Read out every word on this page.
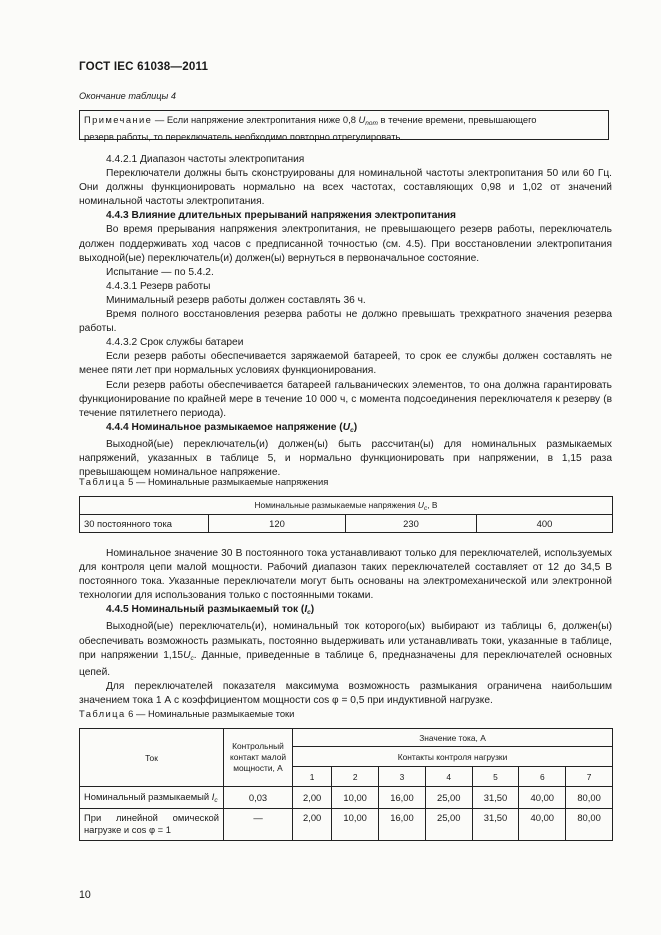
ГОСТ IEC 61038—2011
Окончание таблицы 4
Примечание — Если напряжение электропитания ниже 0,8 $U_{nom}$ в течение времени, превышающего
резерв работы, то переключатель необходимо повторно отрегулировать.

4.4.2.1 Диапазон частоты электропитания

Переключатели должны быть сконструированы для номинальной частоты электропитания 50 или 60 Гц. Они должны функционировать нормально на всех частотах, составляющих 0,98 и 1,02 от значений номинальной частоты электропитания.

4.4.3 Влияние длительных прерываний напряжения электропитания

Во время прерывания напряжения электропитания, не превышающего резерв работы, переключатель должен поддерживать ход часов с предписанной точностью (см. 4.5). При восстановлении электропитания выходной(ые) переключатель(и) должен(ы) вернуться в первоначальное состояние.

Испытание — по 5.4.2.

4.4.3.1 Резерв работы

Минимальный резерв работы должен составлять 36 ч.

Время полного восстановления резерва работы не должно превышать трехкратного значения резерва работы.

4.4.3.2 Срок службы батареи

Если резерв работы обеспечивается заряжаемой батареей, то срок ее службы должен составлять не менее пяти лет при нормальных условиях функционирования.

Если резерв работы обеспечивается батареей гальванических элементов, то она должна гарантировать функционирование по крайней мере в течение 10 000 ч, с момента подсоединения переключателя к резерву (в течение пятилетнего периода).

4.4.4 Номинальное размыкаемое напряжение $(U_c)$

Выходной(ые) переключатель(и) должен(ы) быть рассчитан(ы) для номинальных размыкаемых напряжений, указанных в таблице 5, и нормально функционировать при напряжении, в 1,15 раза превышающем номинальное напряжение.

Таблица 5 — Номинальные размыкаемые напряжения
Номинальные размыкаемые напряжения $U_c$, В
30 постоянного тока	120	230	400

Номинальное значение 30 В постоянного тока устанавливают только для переключателей, используемых для контроля цепи малой мощности. Рабочий диапазон таких переключателей составляет от 12 до 34,5 В постоянного тока. Указанные переключатели могут быть основаны на электромеханической или электронной технологии для использования только с постоянными токами.

4.4.5 Номинальный размыкаемый ток $(I_c)$

Выходной(ые) переключатель(и), номинальный ток которого(ых) выбирают из таблицы 6, должен(ы) обеспечивать возможность размыкать, постоянно выдерживать или устанавливать токи, указанные в таблице, при напряжении $1,15U_c$. Данные, приведенные в таблице 6, предназначены для переключателей основных цепей.

Для переключателей показателя максимума возможность размыкания ограничена наибольшим значением тока 1 А с коэффициентом мощности cos φ = 0,5 при индуктивной нагрузке.

Таблица 6 — Номинальные размыкаемые токи
Ток	Контрольный контакт малой мощности, А	Значение тока, А						
		Контакты контроля нагрузки						
		1	2	3	4	5	6	7
Номинальный размыкаемый $I_c$	0,03	2,00	10,00	16,00	25,00	31,50	40,00	80,00
При линейной омической нагрузке и cos φ = 1	—	2,00	10,00	16,00	25,00	31,50	40,00	80,00
10
